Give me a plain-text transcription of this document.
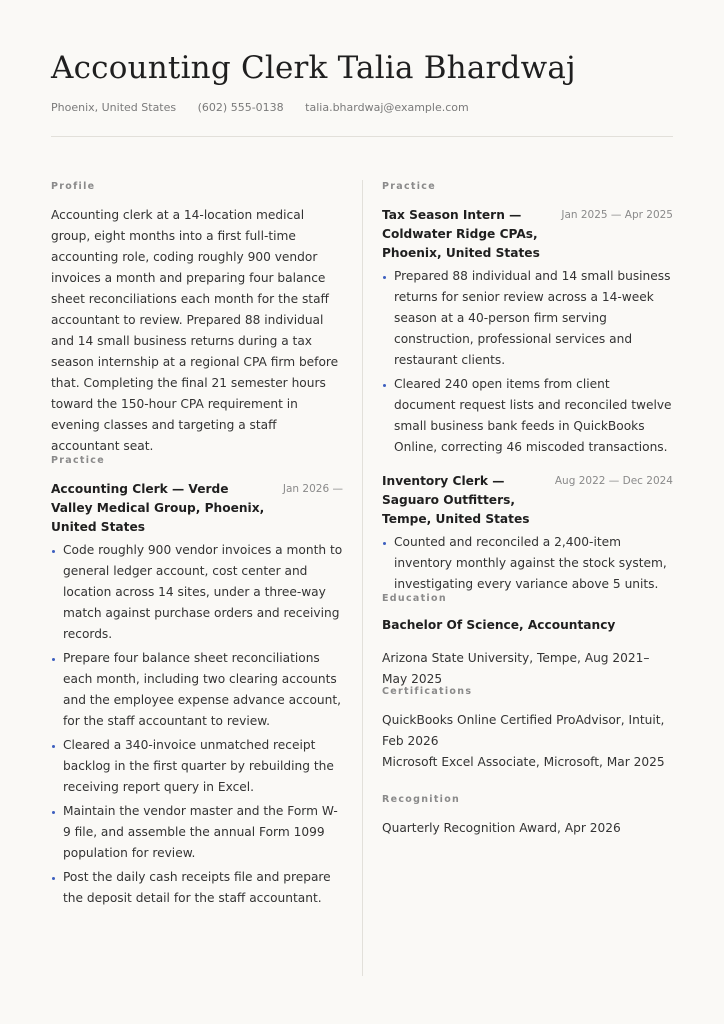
Accounting Clerk Talia Bhardwaj
Phoenix, United States (602) 555-0138 talia.bhardwaj@example.com

Profile

Accounting clerk at a 14-location medical group, eight months into a first full-time accounting role, coding roughly 900 vendor invoices a month and preparing four balance sheet reconciliations each month for the staff accountant to review. Prepared 88 individual and 14 small business returns during a tax season internship at a regional CPA firm before that. Completing the final 21 semester hours toward the 150-hour CPA requirement in evening classes and targeting a staff accountant seat.

Practice

Accounting Clerk — Verde Valley Medical Group, Phoenix, United States

Jan 2026 —
Code roughly 900 vendor invoices a month to general ledger account, cost center and location across 14 sites, under a three-way match against purchase orders and receiving records.
Prepare four balance sheet reconciliations each month, including two clearing accounts and the employee expense advance account, for the staff accountant to review.
Cleared a 340-invoice unmatched receipt backlog in the first quarter by rebuilding the receiving report query in Excel.
Maintain the vendor master and the Form W-9 file, and assemble the annual Form 1099 population for review.
Post the daily cash receipts file and prepare the deposit detail for the staff accountant.

Practice

Tax Season Intern — Coldwater Ridge CPAs, Phoenix, United States

Jan 2025 — Apr 2025
Prepared 88 individual and 14 small business returns for senior review across a 14-week season at a 40-person firm serving construction, professional services and restaurant clients.
Cleared 240 open items from client document request lists and reconciled twelve small business bank feeds in QuickBooks Online, correcting 46 miscoded transactions.

Inventory Clerk — Saguaro Outfitters, Tempe, United States

Aug 2022 — Dec 2024
Counted and reconciled a 2,400-item inventory monthly against the stock system, investigating every variance above 5 units.

Education

Bachelor Of Science, Accountancy

Arizona State University, Tempe, Aug 2021–May 2025

Certifications

QuickBooks Online Certified ProAdvisor, Intuit, Feb 2026

Microsoft Excel Associate, Microsoft, Mar 2025

Recognition

Quarterly Recognition Award, Apr 2026
